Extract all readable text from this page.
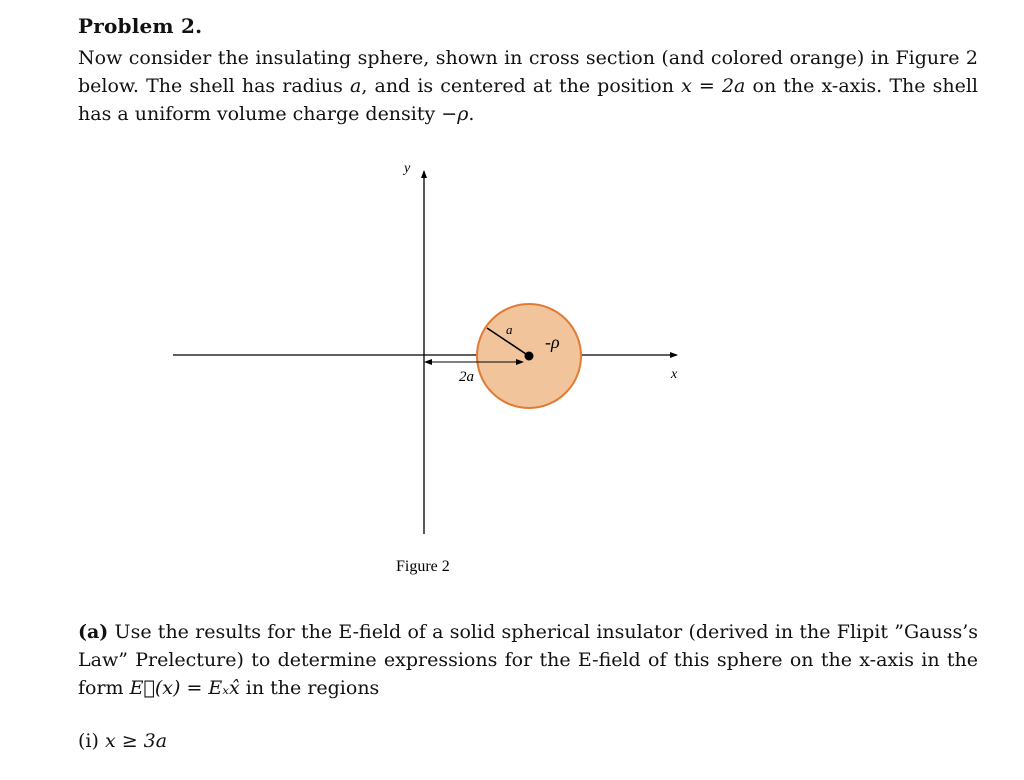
Problem 2.
Now consider the insulating sphere, shown in cross section (and colored orange) in Figure 2 below. The shell has radius a, and is centered at the position x = 2a on the x-axis. The shell has a uniform volume charge density −ρ.
y
x
a
2a
-ρ
Figure 2
(a) Use the results for the E-field of a solid spherical insulator (derived in the Flipit ”Gauss’s Law” Prelecture) to determine expressions for the E-field of this sphere on the x-axis in the form E⃗(x) = Eₓx̂ in the regions
(i) x ≥ 3a
